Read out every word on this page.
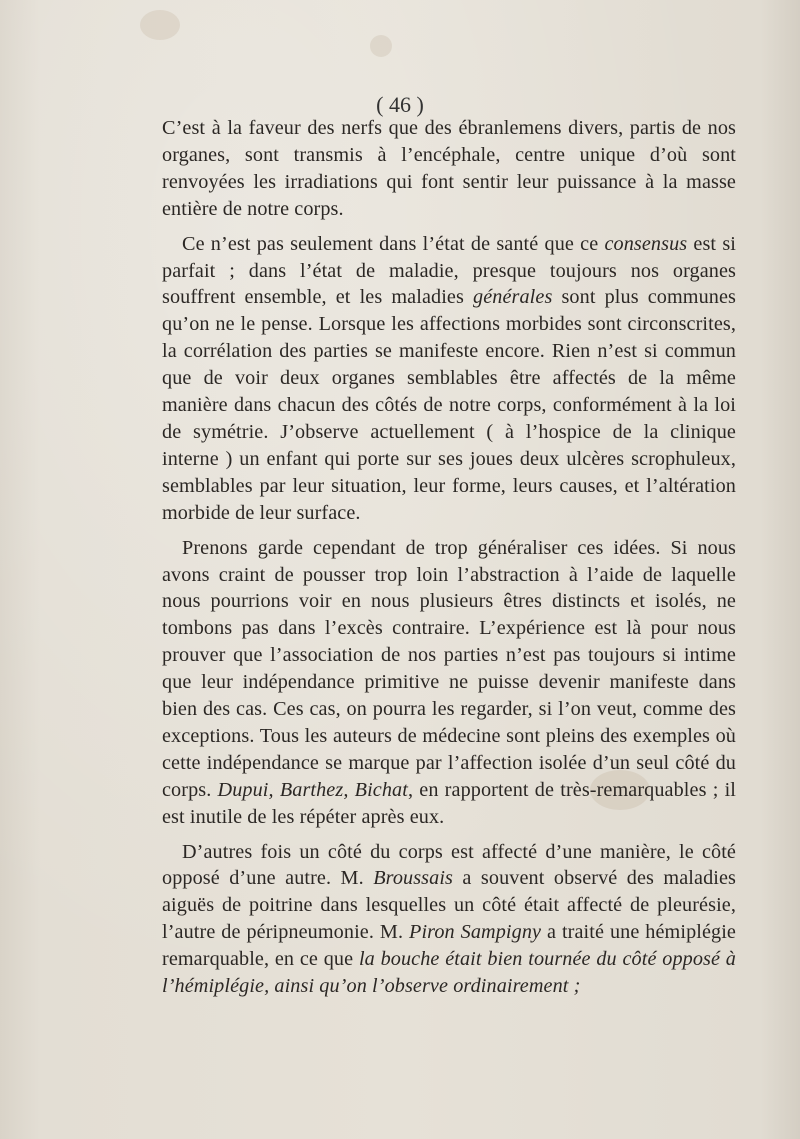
( 46 )

C’est à la faveur des nerfs que des ébranlemens divers, partis de nos organes, sont transmis à l’encéphale, centre unique d’où sont renvoyées les irradiations qui font sentir leur puissance à la masse entière de notre corps.

Ce n’est pas seulement dans l’état de santé que ce consensus est si parfait ; dans l’état de maladie, presque toujours nos organes souffrent ensemble, et les maladies générales sont plus communes qu’on ne le pense. Lorsque les affections morbides sont circonscrites, la corrélation des parties se manifeste encore. Rien n’est si commun que de voir deux organes semblables être affectés de la même manière dans chacun des côtés de notre corps, conformément à la loi de symétrie. J’observe actuellement ( à l’hospice de la clinique interne ) un enfant qui porte sur ses joues deux ulcères scrophuleux, semblables par leur situation, leur forme, leurs causes, et l’altération morbide de leur surface.

Prenons garde cependant de trop généraliser ces idées. Si nous avons craint de pousser trop loin l’abstraction à l’aide de laquelle nous pourrions voir en nous plusieurs êtres distincts et isolés, ne tombons pas dans l’excès contraire. L’expérience est là pour nous prouver que l’association de nos parties n’est pas toujours si intime que leur indépendance primitive ne puisse devenir manifeste dans bien des cas. Ces cas, on pourra les regarder, si l’on veut, comme des exceptions. Tous les auteurs de médecine sont pleins des exemples où cette indépendance se marque par l’affection isolée d’un seul côté du corps. Dupui, Barthez, Bichat, en rapportent de très-remarquables ; il est inutile de les répéter après eux.

D’autres fois un côté du corps est affecté d’une manière, le côté opposé d’une autre. M. Broussais a souvent observé des maladies aiguës de poitrine dans lesquelles un côté était affecté de pleurésie, l’autre de péripneumonie. M. Piron Sampigny a traité une hémiplégie remarquable, en ce que la bouche était bien tournée du côté opposé à l’hémiplégie, ainsi qu’on l’observe ordinairement ;
